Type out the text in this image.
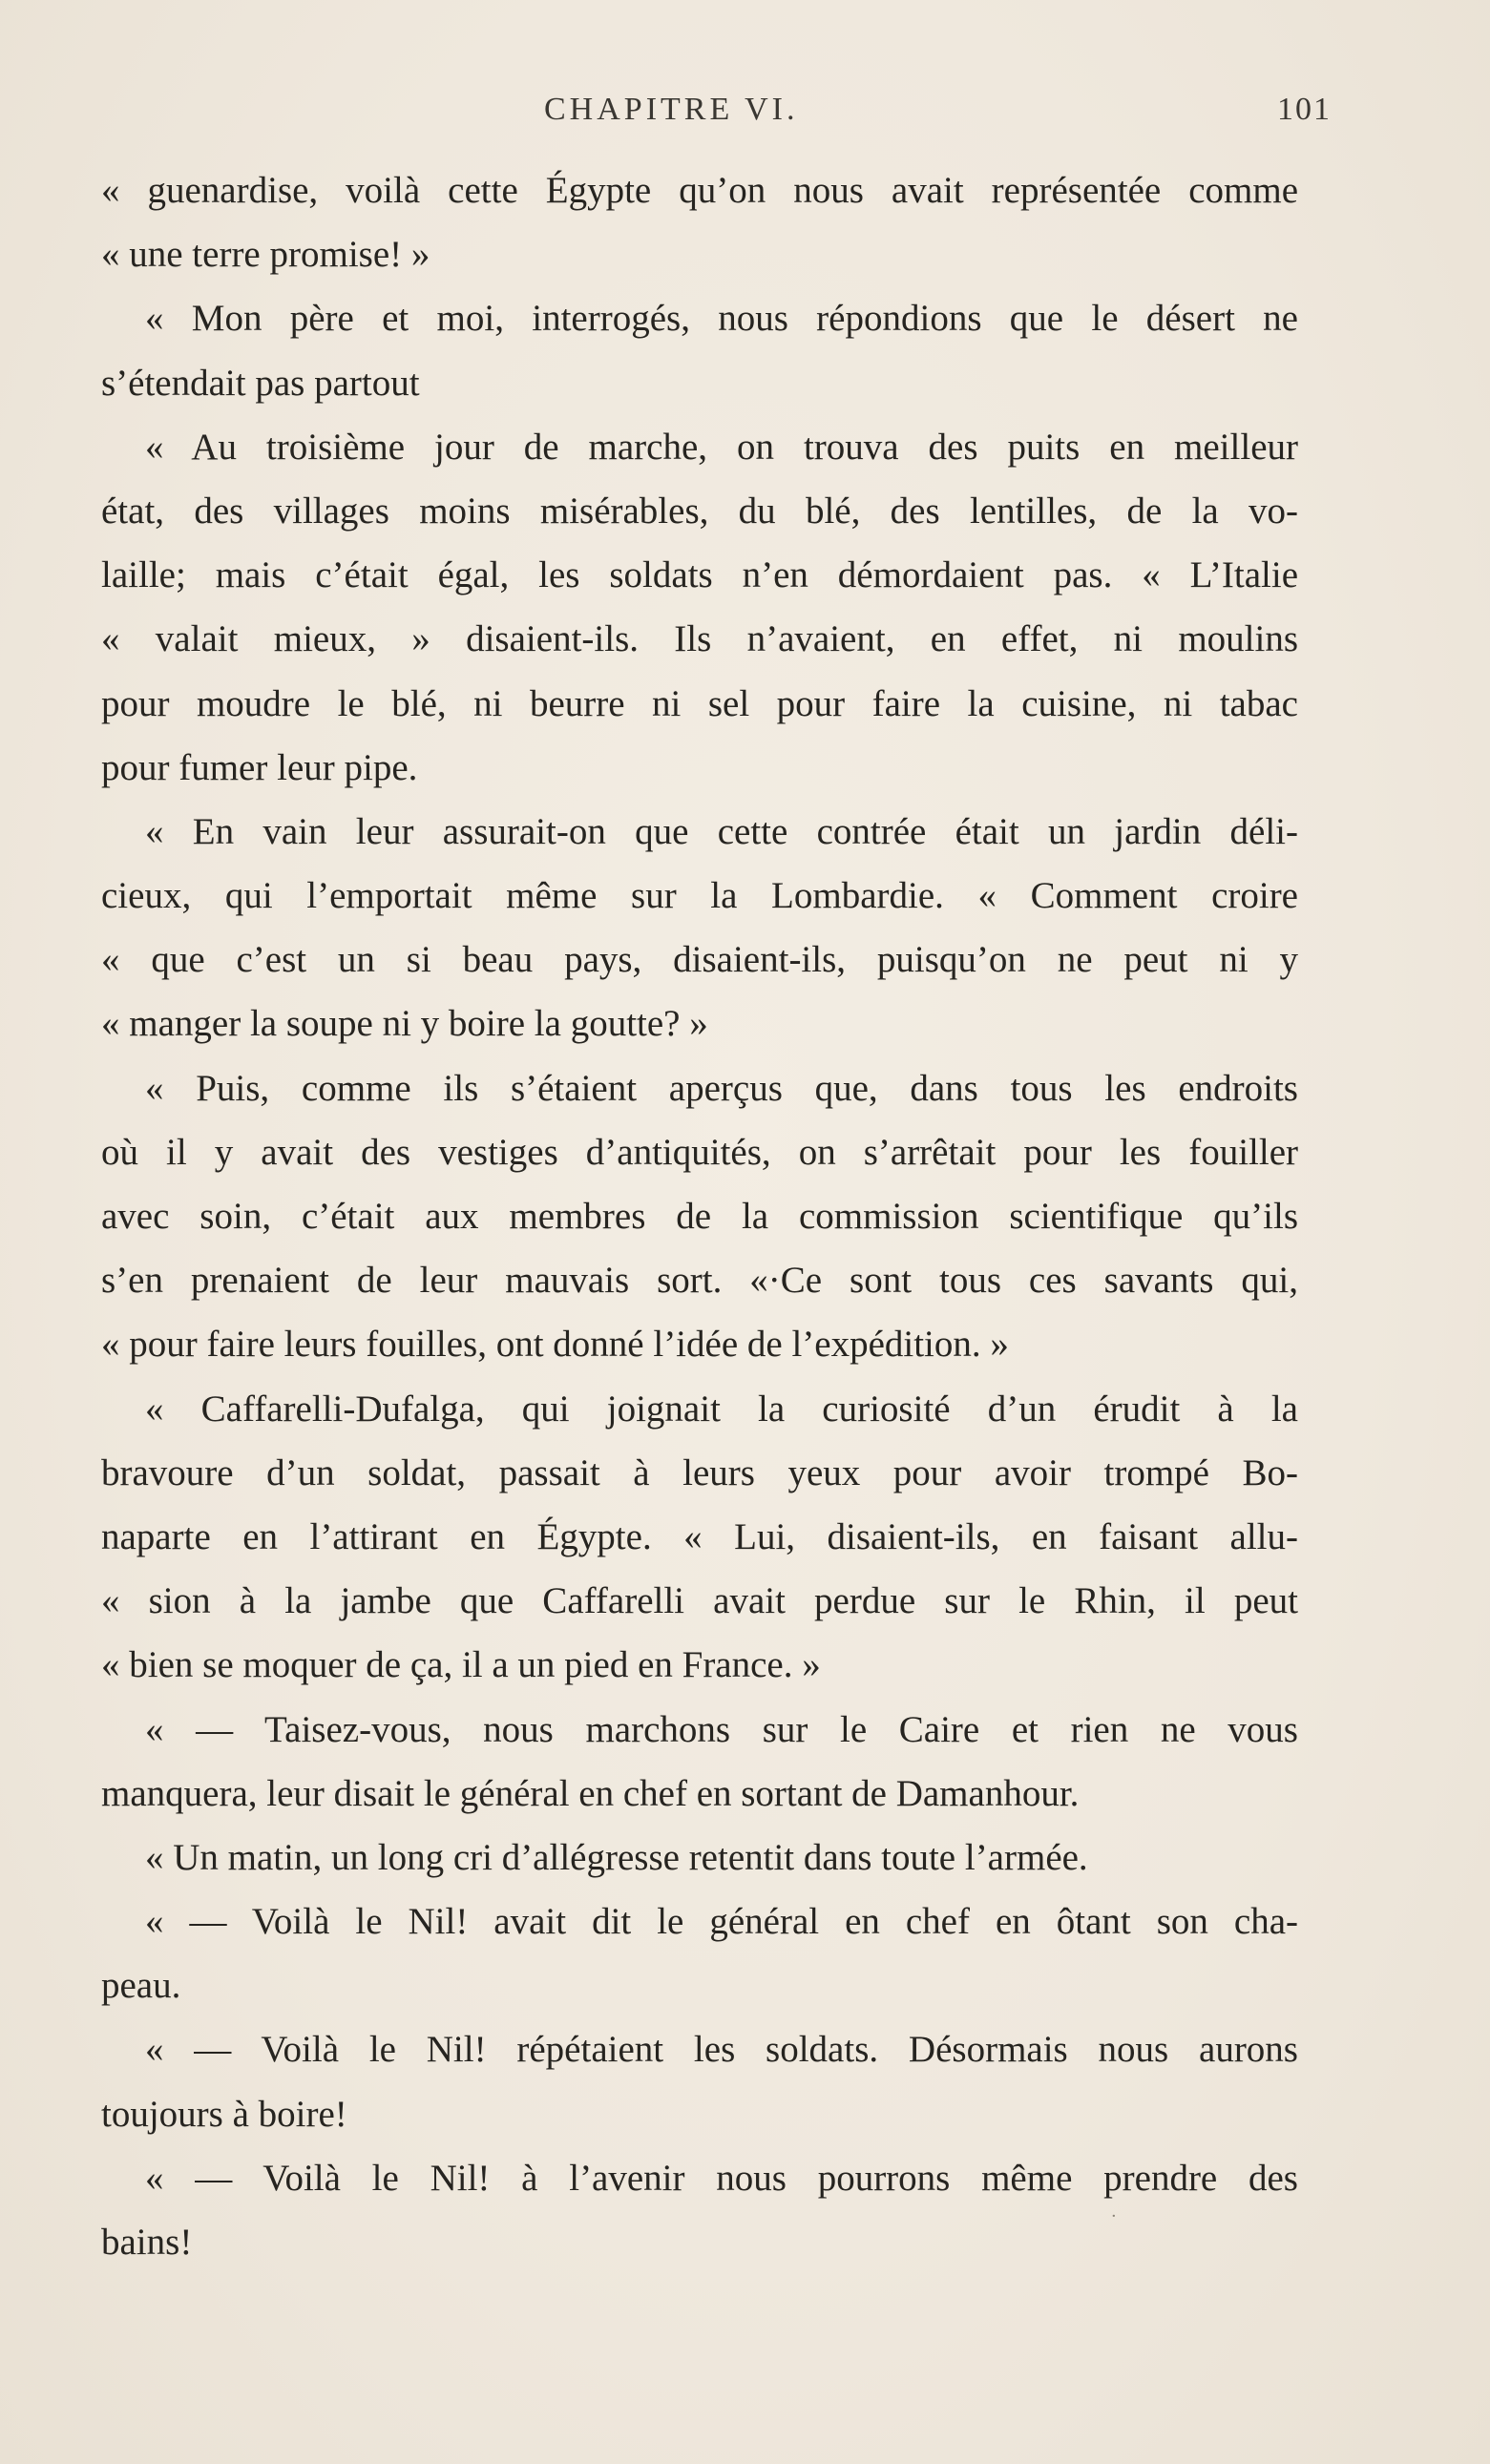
CHAPITRE VI.	101
« guenardise, voilà cette Égypte qu’on nous avait représentée comme
« une terre promise! »
« Mon père et moi, interrogés, nous répondions que le désert ne
s’étendait pas partout
« Au troisième jour de marche, on trouva des puits en meilleur
état, des villages moins misérables, du blé, des lentilles, de la vo-
laille; mais c’était égal, les soldats n’en démordaient pas. « L’Italie
« valait mieux, » disaient-ils. Ils n’avaient, en effet, ni moulins
pour moudre le blé, ni beurre ni sel pour faire la cuisine, ni tabac
pour fumer leur pipe.
« En vain leur assurait-on que cette contrée était un jardin déli-
cieux, qui l’emportait même sur la Lombardie. « Comment croire
« que c’est un si beau pays, disaient-ils, puisqu’on ne peut ni y
« manger la soupe ni y boire la goutte? »
« Puis, comme ils s’étaient aperçus que, dans tous les endroits
où il y avait des vestiges d’antiquités, on s’arrêtait pour les fouiller
avec soin, c’était aux membres de la commission scientifique qu’ils
s’en prenaient de leur mauvais sort. «·Ce sont tous ces savants qui,
« pour faire leurs fouilles, ont donné l’idée de l’expédition. »
« Caffarelli-Dufalga, qui joignait la curiosité d’un érudit à la
bravoure d’un soldat, passait à leurs yeux pour avoir trompé Bo-
naparte en l’attirant en Égypte. « Lui, disaient-ils, en faisant allu-
« sion à la jambe que Caffarelli avait perdue sur le Rhin, il peut
« bien se moquer de ça, il a un pied en France. »
« — Taisez-vous, nous marchons sur le Caire et rien ne vous
manquera, leur disait le général en chef en sortant de Damanhour.
« Un matin, un long cri d’allégresse retentit dans toute l’armée.
« — Voilà le Nil! avait dit le général en chef en ôtant son cha-
peau.
« — Voilà le Nil! répétaient les soldats. Désormais nous aurons
toujours à boire!
« — Voilà le Nil! à l’avenir nous pourrons même prendre des
bains!
·
